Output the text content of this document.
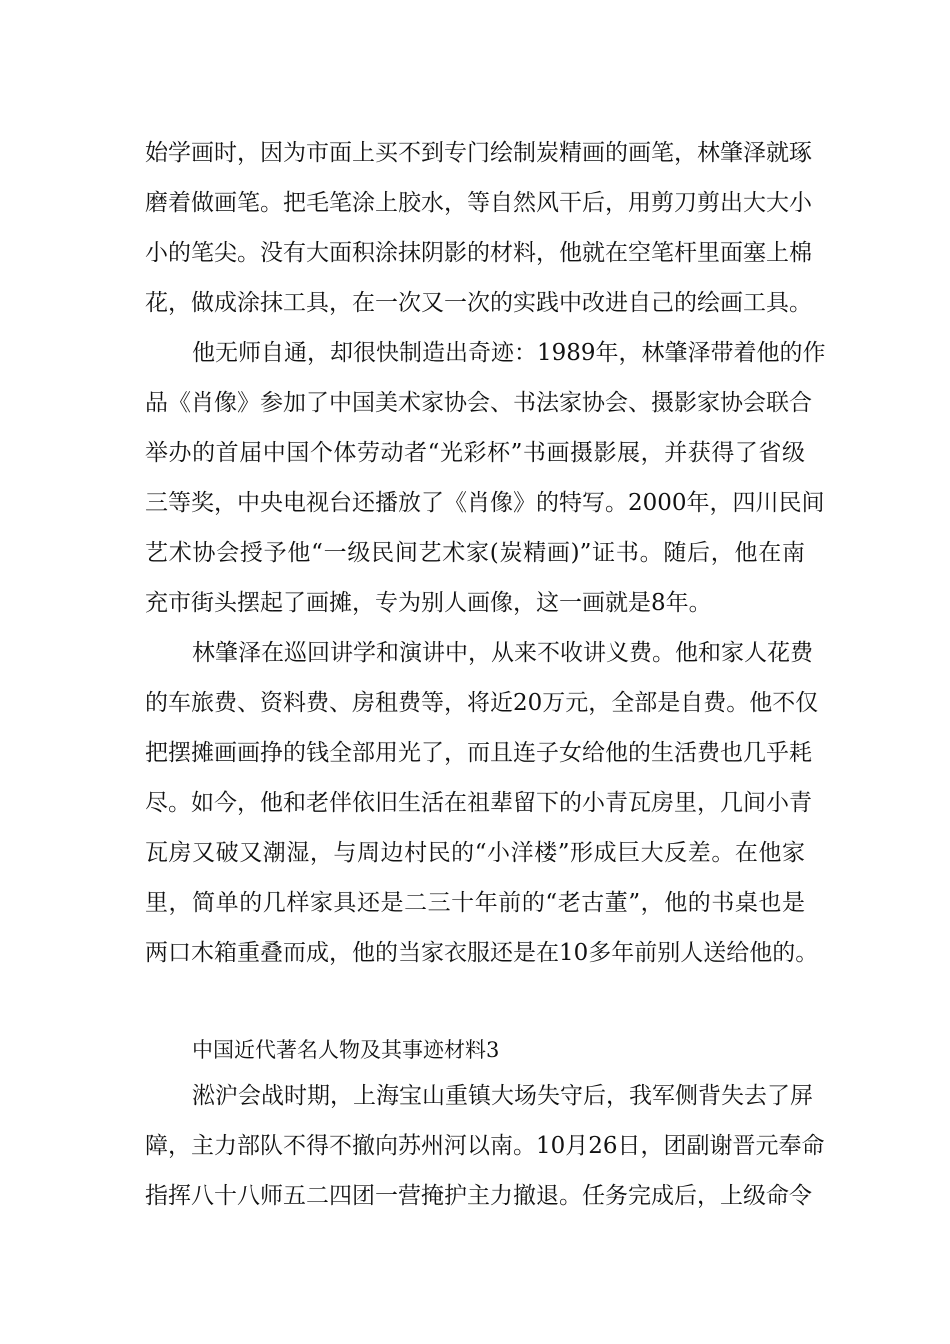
始学画时，因为市面上买不到专门绘制炭精画的画笔，林肇泽就琢
磨着做画笔。把毛笔涂上胶水，等自然风干后，用剪刀剪出大大小
小的笔尖。没有大面积涂抹阴影的材料，他就在空笔杆里面塞上棉
花，做成涂抹工具，在一次又一次的实践中改进自己的绘画工具。
他无师自通，却很快制造出奇迹：1989年，林肇泽带着他的作
品《肖像》参加了中国美术家协会、书法家协会、摄影家协会联合
举办的首届中国个体劳动者“光彩杯”书画摄影展，并获得了省级
三等奖，中央电视台还播放了《肖像》的特写。2000年，四川民间
艺术协会授予他“一级民间艺术家(炭精画)”证书。随后，他在南
充市街头摆起了画摊，专为别人画像，这一画就是8年。
林肇泽在巡回讲学和演讲中，从来不收讲义费。他和家人花费
的车旅费、资料费、房租费等，将近20万元，全部是自费。他不仅
把摆摊画画挣的钱全部用光了，而且连子女给他的生活费也几乎耗
尽。如今，他和老伴依旧生活在祖辈留下的小青瓦房里，几间小青
瓦房又破又潮湿，与周边村民的“小洋楼”形成巨大反差。在他家
里，简单的几样家具还是二三十年前的“老古董”，他的书桌也是
两口木箱重叠而成，他的当家衣服还是在10多年前别人送给他的。
中国近代著名人物及其事迹材料3
淞沪会战时期，上海宝山重镇大场失守后，我军侧背失去了屏
障，主力部队不得不撤向苏州河以南。10月26日，团副谢晋元奉命
指挥八十八师五二四团一营掩护主力撤退。任务完成后，上级命令
